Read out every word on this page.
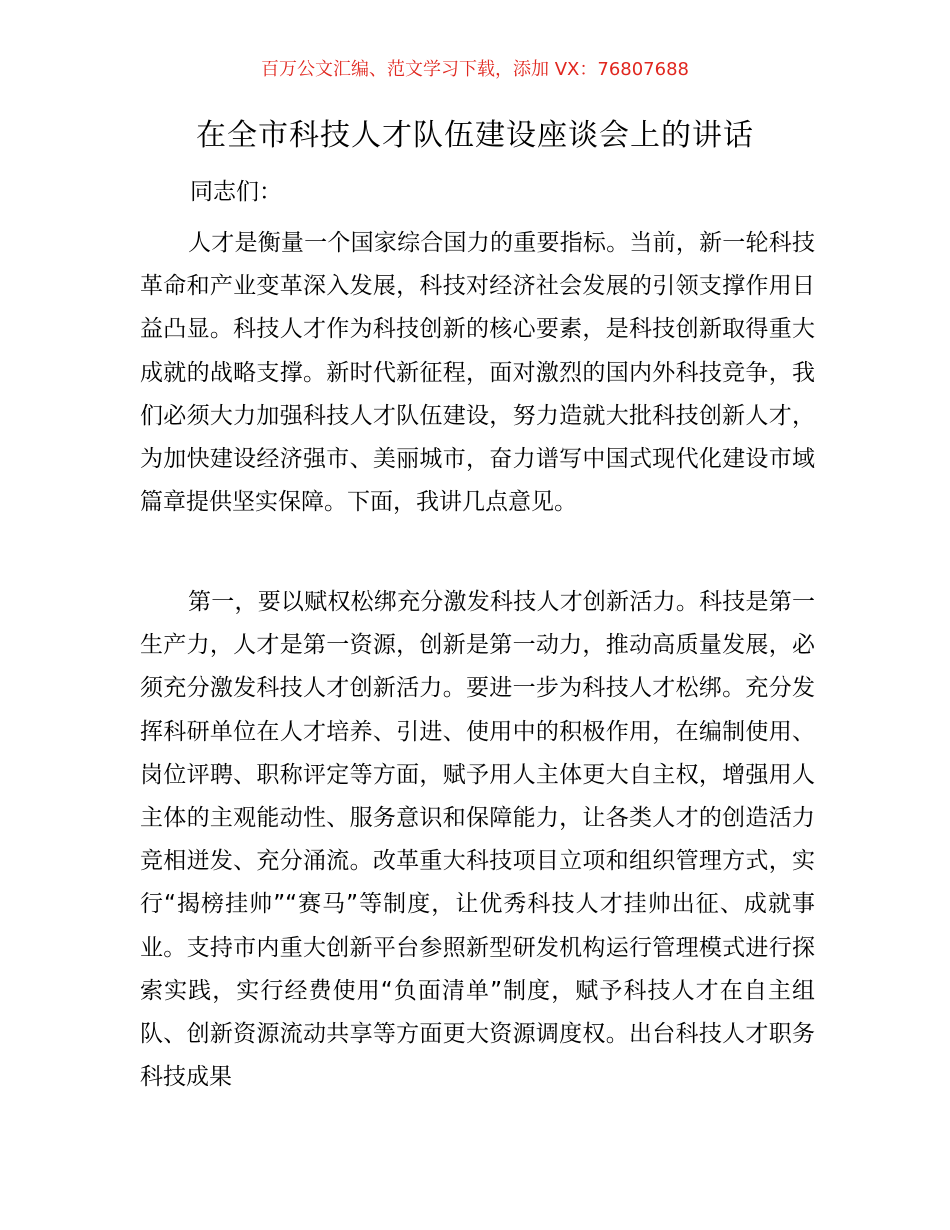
百万公文汇编、范文学习下载，添加 VX：76807688
在全市科技人才队伍建设座谈会上的讲话
同志们：

人才是衡量一个国家综合国力的重要指标。当前，新一轮科技革命和产业变革深入发展，科技对经济社会发展的引领支撑作用日益凸显。科技人才作为科技创新的核心要素，是科技创新取得重大成就的战略支撑。新时代新征程，面对激烈的国内外科技竞争，我们必须大力加强科技人才队伍建设，努力造就大批科技创新人才，为加快建设经济强市、美丽城市，奋力谱写中国式现代化建设市域篇章提供坚实保障。下面，我讲几点意见。

第一，要以赋权松绑充分激发科技人才创新活力。科技是第一生产力，人才是第一资源，创新是第一动力，推动高质量发展，必须充分激发科技人才创新活力。要进一步为科技人才松绑。充分发挥科研单位在人才培养、引进、使用中的积极作用，在编制使用、岗位评聘、职称评定等方面，赋予用人主体更大自主权，增强用人主体的主观能动性、服务意识和保障能力，让各类人才的创造活力竞相迸发、充分涌流。改革重大科技项目立项和组织管理方式，实行“揭榜挂帅”“赛马”等制度，让优秀科技人才挂帅出征、成就事业。支持市内重大创新平台参照新型研发机构运行管理模式进行探索实践，实行经费使用“负面清单”制度，赋予科技人才在自主组队、创新资源流动共享等方面更大资源调度权。出台科技人才职务科技成果
